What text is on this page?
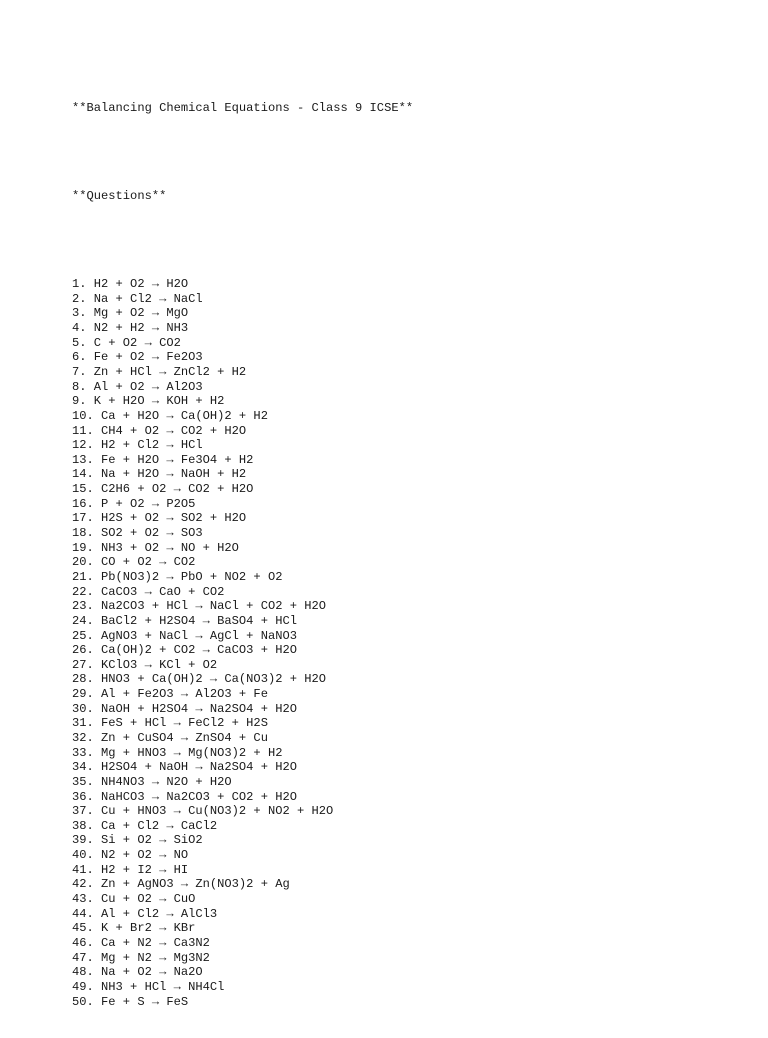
**Balancing Chemical Equations - Class 9 ICSE**

**Questions**

1. H2 + O2 → H2O
2. Na + Cl2 → NaCl
3. Mg + O2 → MgO
4. N2 + H2 → NH3
5. C + O2 → CO2
6. Fe + O2 → Fe2O3
7. Zn + HCl → ZnCl2 + H2
8. Al + O2 → Al2O3
9. K + H2O → KOH + H2
10. Ca + H2O → Ca(OH)2 + H2
11. CH4 + O2 → CO2 + H2O
12. H2 + Cl2 → HCl
13. Fe + H2O → Fe3O4 + H2
14. Na + H2O → NaOH + H2
15. C2H6 + O2 → CO2 + H2O
16. P + O2 → P2O5
17. H2S + O2 → SO2 + H2O
18. SO2 + O2 → SO3
19. NH3 + O2 → NO + H2O
20. CO + O2 → CO2
21. Pb(NO3)2 → PbO + NO2 + O2
22. CaCO3 → CaO + CO2
23. Na2CO3 + HCl → NaCl + CO2 + H2O
24. BaCl2 + H2SO4 → BaSO4 + HCl
25. AgNO3 + NaCl → AgCl + NaNO3
26. Ca(OH)2 + CO2 → CaCO3 + H2O
27. KClO3 → KCl + O2
28. HNO3 + Ca(OH)2 → Ca(NO3)2 + H2O
29. Al + Fe2O3 → Al2O3 + Fe
30. NaOH + H2SO4 → Na2SO4 + H2O
31. FeS + HCl → FeCl2 + H2S
32. Zn + CuSO4 → ZnSO4 + Cu
33. Mg + HNO3 → Mg(NO3)2 + H2
34. H2SO4 + NaOH → Na2SO4 + H2O
35. NH4NO3 → N2O + H2O
36. NaHCO3 → Na2CO3 + CO2 + H2O
37. Cu + HNO3 → Cu(NO3)2 + NO2 + H2O
38. Ca + Cl2 → CaCl2
39. Si + O2 → SiO2
40. N2 + O2 → NO
41. H2 + I2 → HI
42. Zn + AgNO3 → Zn(NO3)2 + Ag
43. Cu + O2 → CuO
44. Al + Cl2 → AlCl3
45. K + Br2 → KBr
46. Ca + N2 → Ca3N2
47. Mg + N2 → Mg3N2
48. Na + O2 → Na2O
49. NH3 + HCl → NH4Cl
50. Fe + S → FeS
